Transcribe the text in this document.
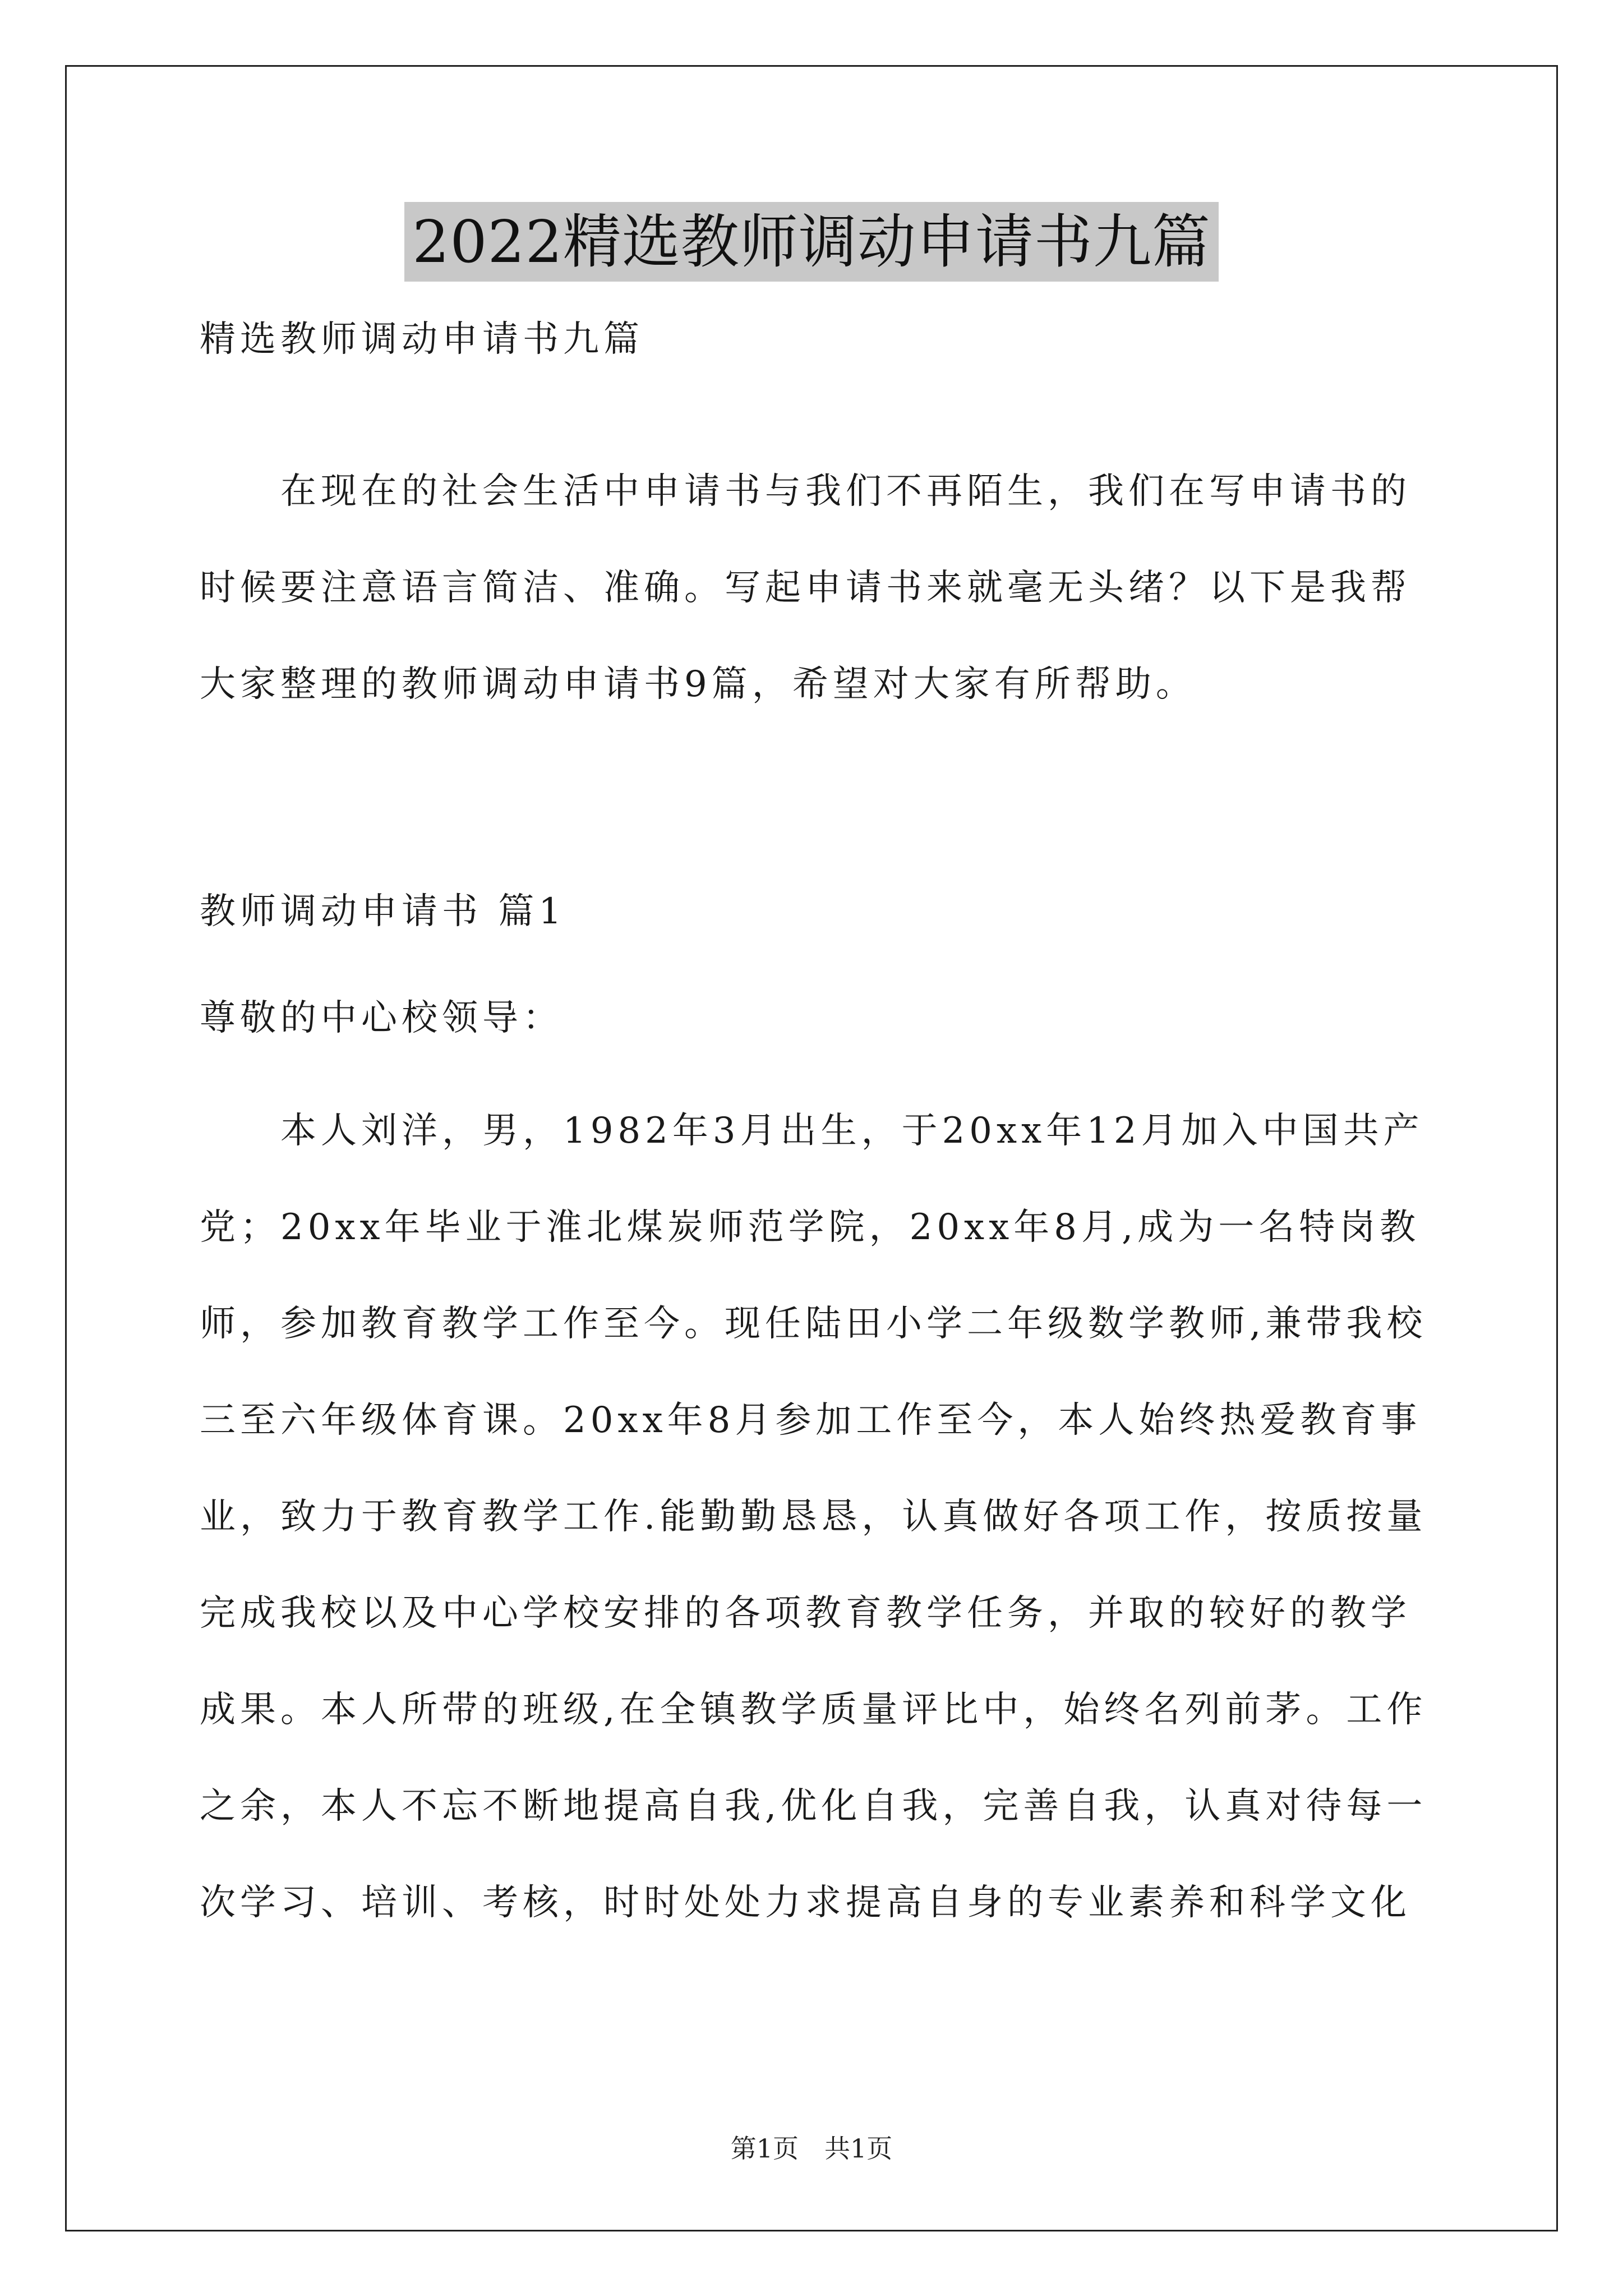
2022精选教师调动申请书九篇
精选教师调动申请书九篇

　　在现在的社会生活中申请书与我们不再陌生，我们在写申请书的

时候要注意语言简洁、准确。写起申请书来就毫无头绪？以下是我帮

大家整理的教师调动申请书9篇，希望对大家有所帮助。

教师调动申请书 篇1
尊敬的中心校领导：

　　本人刘洋，男，1982年3月出生，于20xx年12月加入中国共产

党；20xx年毕业于淮北煤炭师范学院，20xx年8月,成为一名特岗教

师，参加教育教学工作至今。现任陆田小学二年级数学教师,兼带我校

三至六年级体育课。20xx年8月参加工作至今，本人始终热爱教育事

业，致力于教育教学工作.能勤勤恳恳，认真做好各项工作，按质按量

完成我校以及中心学校安排的各项教育教学任务，并取的较好的教学

成果。本人所带的班级,在全镇教学质量评比中，始终名列前茅。工作

之余，本人不忘不断地提高自我,优化自我，完善自我，认真对待每一

次学习、培训、考核，时时处处力求提高自身的专业素养和科学文化

第1页　共1页
